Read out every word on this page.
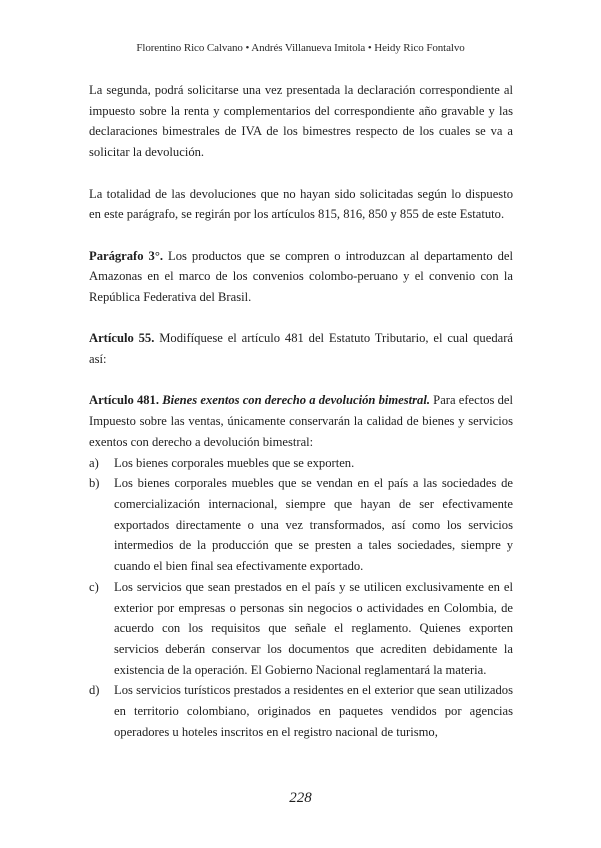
Florentino Rico Calvano • Andrés Villanueva Imitola • Heidy Rico Fontalvo

La segunda, podrá solicitarse una vez presentada la declaración correspondiente al impuesto sobre la renta y complementarios del correspondiente año gravable y las declaraciones bimestrales de IVA de los bimestres respecto de los cuales se va a solicitar la devolución.

La totalidad de las devoluciones que no hayan sido solicitadas según lo dispuesto en este parágrafo, se regirán por los artículos 815, 816, 850 y 855 de este Estatuto.

Parágrafo 3°. Los productos que se compren o introduzcan al departamento del Amazonas en el marco de los convenios colombo-peruano y el convenio con la República Federativa del Brasil.

Artículo 55. Modifíquese el artículo 481 del Estatuto Tributario, el cual quedará así:

Artículo 481. Bienes exentos con derecho a devolución bimestral. Para efectos del Impuesto sobre las ventas, únicamente conservarán la calidad de bienes y servicios exentos con derecho a devolución bimestral:

a) Los bienes corporales muebles que se exporten.
b) Los bienes corporales muebles que se vendan en el país a las sociedades de comercialización internacional, siempre que hayan de ser efectivamente exportados directamente o una vez transformados, así como los servicios intermedios de la producción que se presten a tales sociedades, siempre y cuando el bien final sea efectivamente exportado.
c) Los servicios que sean prestados en el país y se utilicen exclusivamente en el exterior por empresas o personas sin negocios o actividades en Colombia, de acuerdo con los requisitos que señale el reglamento. Quienes exporten servicios deberán conservar los documentos que acrediten debidamente la existencia de la operación. El Gobierno Nacional reglamentará la materia.
d) Los servicios turísticos prestados a residentes en el exterior que sean utilizados en territorio colombiano, originados en paquetes vendidos por agencias operadores u hoteles inscritos en el registro nacional de turismo,
228
